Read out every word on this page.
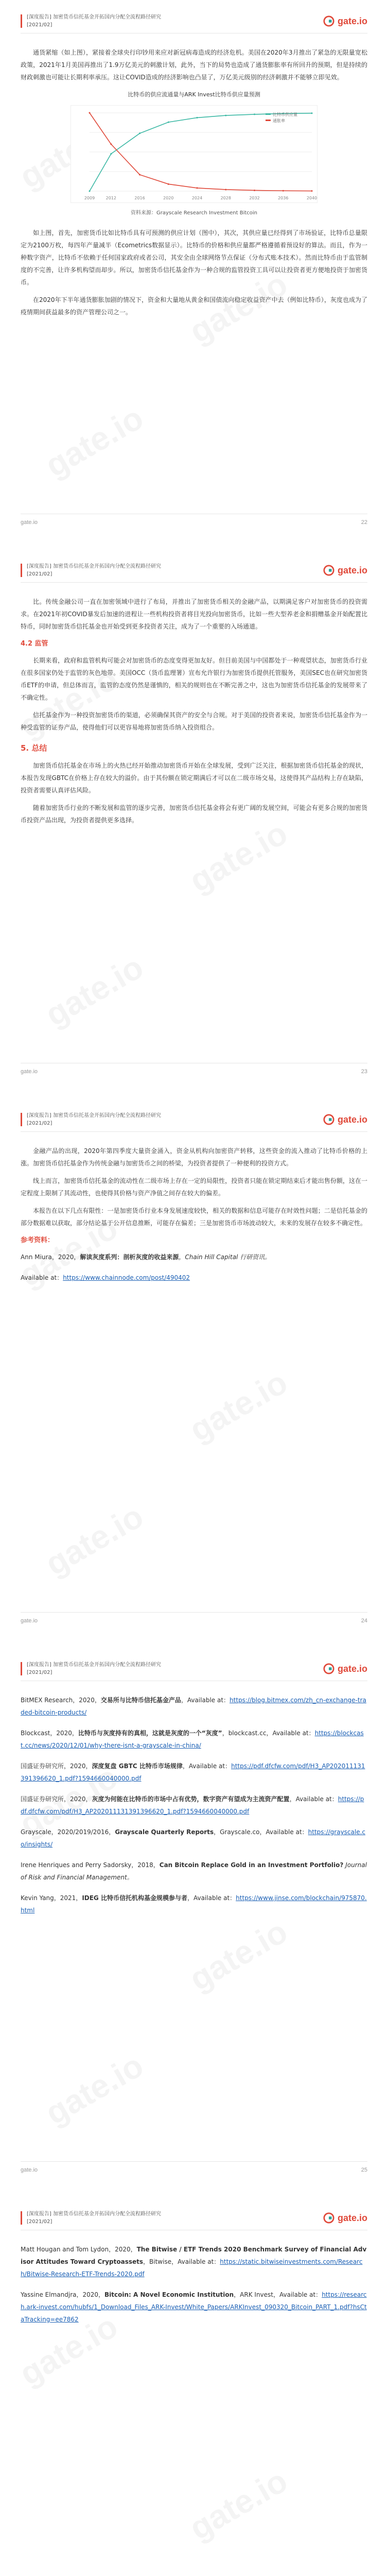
[深度报告] 加密货币信托基金开拓国内分配全流程路径研究
[2021/02]	gate.io

通货紧缩（如上图），紧接着全球央行印钞用来应对新冠病毒造成的经济危机。美国在2020年3月推出了紧急的无限量宽松政策，2021年1月美国再推出了1.9万亿美元的刺激计划，此外，当下的局势也造成了通货膨胀率有所回升的预期，但是持续的财政刺激也可能让长期利率承压。这让COVID造成的经济影响也凸显了，万亿美元级别的经济刺激并不能够立即见效。

比特币的供应流通量与ARK Invest比特币供应量预测
2009	2012	2016	2020	2024	2028	2032	2036	2040
比特币供应量
通胀率
资料来源：Grayscale Research Investment Bitcoin

如上图，首先，加密货币比如比特币具有可预测的供应计划（图中），其次，其供应量已经得到了市场验证，比特币总量限定为2100万枚，每四年产量减半（Ecometrics数据显示）。比特币的价格和供应量都严格遵循着预设好的算法。而且，作为一种数字资产，比特币不依赖于任何国家政府或者公司，其安全由全球网络节点保证（分布式账本技术）。然而比特币由于监管制度的不完善，让许多机构望而却步。所以，加密货币信托基金作为一种合规的监管投资工具可以让投资者更方便地投资于加密货币。

在2020年下半年通货膨胀加剧的情况下，资金和大量地从黄金和国债流向稳定收益资产中去（例如比特币），灰度也成为了疫情期间获益最多的资产管理公司之一。

gate.io	22
[深度报告] 加密货币信托基金开拓国内分配全流程路径研究
[2021/02]	gate.io

比。传统金融公司一直在加密领域中进行了布局，并推出了加密货币相关的金融产品，以期满足客户对加密货币的投资需求。在2021年初COVID暴发后加速的进程让一些机构投资者将目光投向加密货币，比如一些大型养老金和捐赠基金开始配置比特币，同时加密货币信托基金也开始受到更多投资者关注，成为了一个重要的入场通道。

4.2 监管

长期来看，政府和监管机构可能会对加密货币的态度变得更加友好。但目前美国与中国都处于一种观望状态，加密货币行业在很多国家仍处于监管的灰色地带。美国OCC（货币监理署）宣布允许银行为加密货币提供托管服务，美国SEC也在研究加密货币ETF的申请，但总体而言，监管的态度仍然是谨慎的，相关的规则也在不断完善之中，这也为加密货币信托基金的发展带来了不确定性。

信托基金作为一种投资加密货币的渠道，必须确保其资产的安全与合规。对于美国的投资者来说，加密货币信托基金作为一种受监管的证券产品，使得他们可以更容易地将加密货币纳入投资组合。

5. 总结

加密货币信托基金在市场上的火热已经开始推动加密货币开始在全球发展，受到广泛关注，根据加密货币信托基金的现状，本报告发现GBTC在价格上存在较大的溢价。由于其份额在锁定期满后才可以在二级市场交易，这使得其产品结构上存在缺陷，投资者需要认真评估风险。

随着加密货币行业的不断发展和监管的逐步完善，加密货币信托基金将会有更广阔的发展空间，可能会有更多合规的加密货币投资产品出现，为投资者提供更多选择。

gate.io	23
[深度报告] 加密货币信托基金开拓国内分配全流程路径研究
[2021/02]	gate.io

金融产品的出现，2020年第四季度大量资金涌入，资金从机构向加密资产转移，这些资金的流入推动了比特币价格的上涨。加密货币信托基金作为传统金融与加密货币之间的桥梁，为投资者提供了一种便利的投资方式。

线上而言，加密货币信托基金的流动性在二级市场上存在一定的局限性，投资者只能在锁定期结束后才能出售份额，这在一定程度上限制了其流动性，也使得其价格与资产净值之间存在较大的偏差。

本报告在以下几点有限性：一是加密货币行业本身发展速度较快，相关的数据和信息可能存在时效性问题；二是信托基金的部分数据难以获取，部分结论基于公开信息推断，可能存在偏差；三是加密货币市场波动较大，未来的发展存在较多不确定性。

参考资料：
Ann Miura，2020，解读灰度系列：剖析灰度的收益来源，Chain Hill Capital 行研资讯。
Available at：https://www.chainnode.com/post/490402
gate.io	24
[深度报告] 加密货币信托基金开拓国内分配全流程路径研究
[2021/02]	gate.io
BitMEX Research，2020，交易所与比特币信托基金产品，Available at：https://blog.bitmex.com/zh_cn-exchange-traded-bitcoin-products/
Blockcast，2020，比特币与灰度持有的真相，这就是灰度的一个“灰度”，blockcast.cc，Available at：https://blockcast.cc/news/2020/12/01/why-there-isnt-a-grayscale-in-china/
国盛证券研究所，2020，深度复盘 GBTC 比特币市场规律，Available at：https://pdf.dfcfw.com/pdf/H3_AP202011131391396620_1.pdf?1594660040000.pdf
国盛证券研究所，2020，灰度为何能在比特币的市场中占有优势，数字资产有望成为主流资产配置，Available at：https://pdf.dfcfw.com/pdf/H3_AP202011131391396620_1.pdf?1594660040000.pdf
Grayscale，2020/2019/2016，Grayscale Quarterly Reports，Grayscale.co，Available at：https://grayscale.co/insights/
Irene Henriques and Perry Sadorsky，2018，Can Bitcoin Replace Gold in an Investment Portfolio? Journal of Risk and Financial Management。
Kevin Yang，2021，IDEG 比特币信托机构基金规模参与者，Available at：https://www.jinse.com/blockchain/975870.html
gate.io	25
[深度报告] 加密货币信托基金开拓国内分配全流程路径研究
[2021/02]	gate.io
Matt Hougan and Tom Lydon，2020，The Bitwise / ETF Trends 2020 Benchmark Survey of Financial Advisor Attitudes Toward Cryptoassets，Bitwise，Available at：https://static.bitwiseinvestments.com/Research/Bitwise-Research-ETF-Trends-2020.pdf
Yassine Elmandjra，2020，Bitcoin: A Novel Economic Institution，ARK Invest，Available at：https://research.ark-invest.com/hubfs/1_Download_Files_ARK-Invest/White_Papers/ARKInvest_090320_Bitcoin_PART_1.pdf?hsCtaTracking=ee7862
